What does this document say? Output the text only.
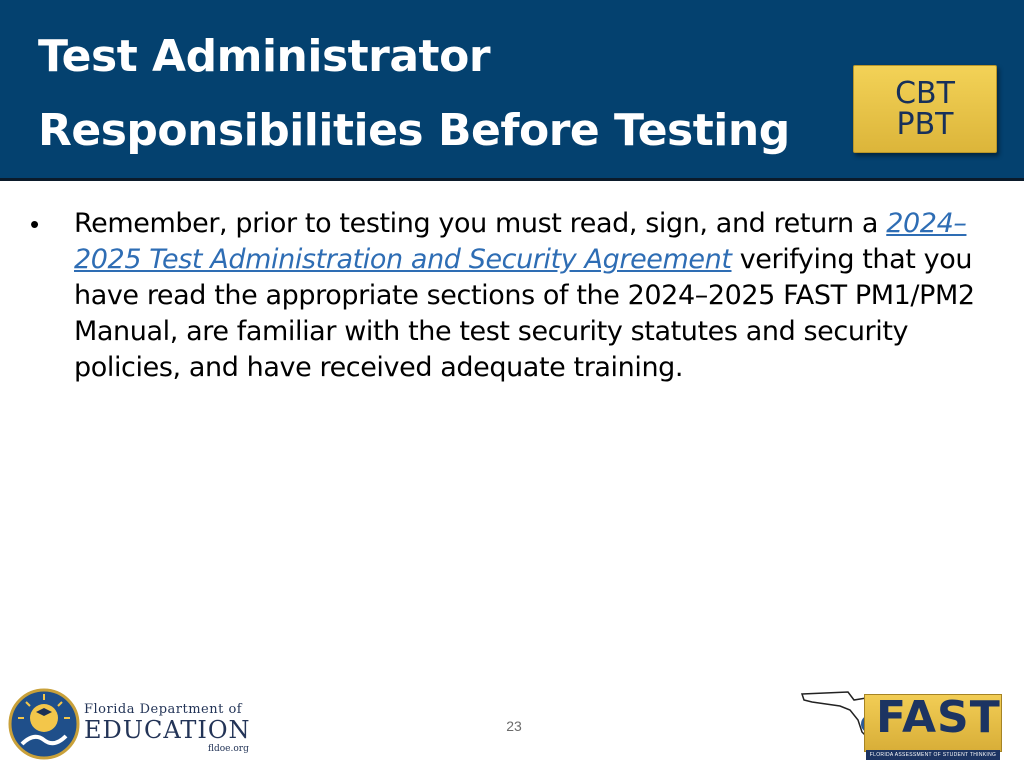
Test Administrator
Responsibilities Before Testing
CBT
PBT
•	Remember, prior to testing you must read, sign, and return a 2024–2025 Test Administration and Security Agreement verifying that you have read the appropriate sections of the 2024–2025 FAST PM1/PM2 Manual, are familiar with the test security statutes and security policies, and have received adequate training.
Florida Department of
EDUCATION
fldoe.org
23	FAST
FLORIDA ASSESSMENT OF STUDENT THINKING
